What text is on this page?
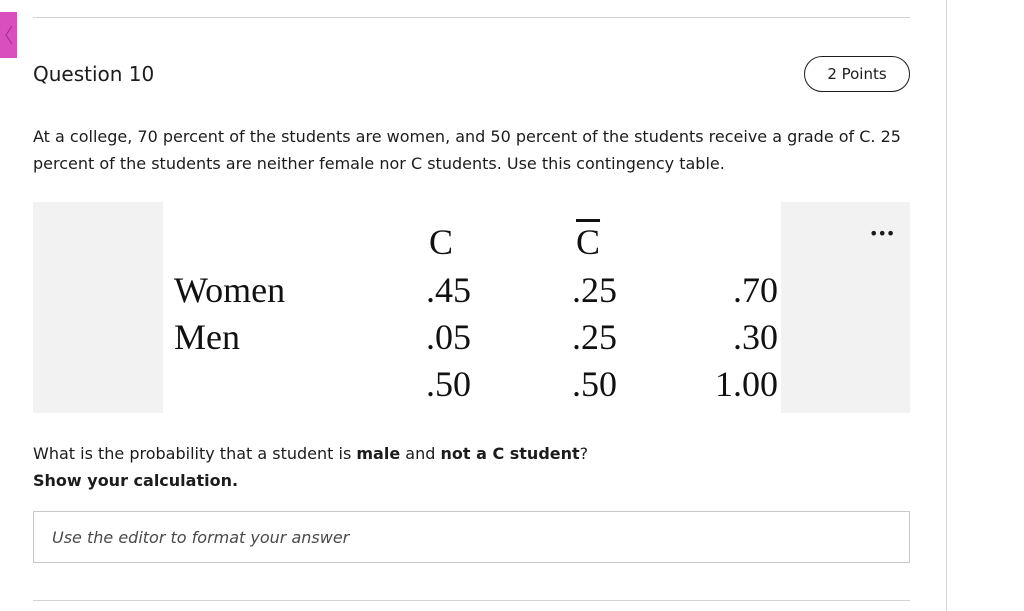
Question 10	2 Points

At a college, 70 percent of the students are women, and 50 percent of the students receive a grade of C. 25 percent of the students are neither female nor C students. Use this contingency table.

•••
C	$\overline{C}$
Women
Men
.45
.05
.50
.25
.25
.50
.70
.30
1.00
What is the probability that a student is male and not a C student?
Show your calculation.
Use the editor to format your answer
